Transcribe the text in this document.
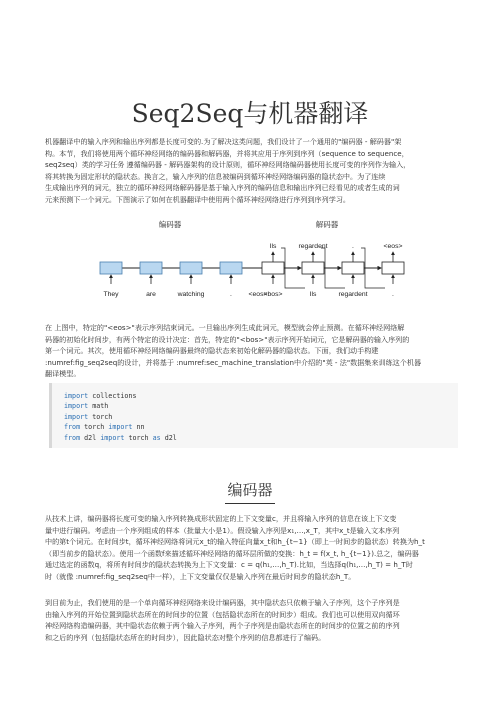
Seq2Seq与机器翻译
机器翻译中的输入序列和输出序列都是长度可变的.为了解决这类问题，我们设计了一个通用的"编码器 - 解码器"架
构。本节，我们将使用两个循环神经网络的编码器和解码器，并将其应用于序列到序列（sequence to sequence，
seq2seq）类的学习任务 遵循编码器 - 解码器架构的设计原则，循环神经网络编码器使用长度可变的序列作为输入，
将其转换为固定形状的隐状态。换言之，输入序列的信息被编码到循环神经网络编码器的隐状态中。为了连续
生成输出序列的词元，独立的循环神经网络解码器是基于输入序列的编码信息和输出序列已经看见的或者生成的词
元来预测下一个词元。下图演示了如何在机器翻译中使用两个循环神经网络进行序列到序列学习。
编码器	解码器
They	are	watching	. <eos>
<bos>	Ils	regardent	.
Ils	regardent	.	<eos>
在 上图中，特定的"<eos>"表示序列结束词元。一旦输出序列生成此词元，模型就会停止预测。在循环神经网络解
码器的初始化时间步，有两个特定的设计决定：首先，特定的"<bos>"表示序列开始词元，它是解码器的输入序列的
第一个词元。其次，使用循环神经网络编码器最终的隐状态来初始化解码器的隐状态。下面，我们动手构建
:numref:fig_seq2seq的设计，并将基于 :numref:sec_machine_translation中介绍的"英 - 法"数据集来训练这个机器
翻译模型。
import collections
import math
import torch
from torch import nn
from d2l import torch as d2l
编码器
从技术上讲，编码器将长度可变的输入序列转换成形状固定的上下文变量c，并且将输入序列的信息在该上下文变
量中进行编码。考虑由一个序列组成的样本（批量大小是1）。假设输入序列是x₁,…,x_T，其中x_t是输入文本序列
中的第t个词元。在时间步t，循环神经网络将词元x_t的输入特征向量x_t和h_{t−1}（即上一时间步的隐状态）转换为h_t
（即当前步的隐状态）。使用一个函数f来描述循环神经网络的循环层所做的变换：h_t = f(x_t, h_{t−1}).总之，编码器
通过选定的函数q，将所有时间步的隐状态转换为上下文变量：c = q(h₁,…,h_T).比如，当选择q(h₁,…,h_T) = h_T时
时（就像 :numref:fig_seq2seq中一样），上下文变量仅仅是输入序列在最后时间步的隐状态h_T。
到目前为止，我们使用的是一个单向循环神经网络来设计编码器，其中隐状态只依赖于输入子序列，这个子序列是
由输入序列的开始位置到隐状态所在的时间步的位置（包括隐状态所在的时间步）组成。我们也可以使用双向循环
神经网络构造编码器，其中隐状态依赖于两个输入子序列，两个子序列是由隐状态所在的时间步的位置之前的序列
和之后的序列（包括隐状态所在的时间步），因此隐状态对整个序列的信息都进行了编码。
